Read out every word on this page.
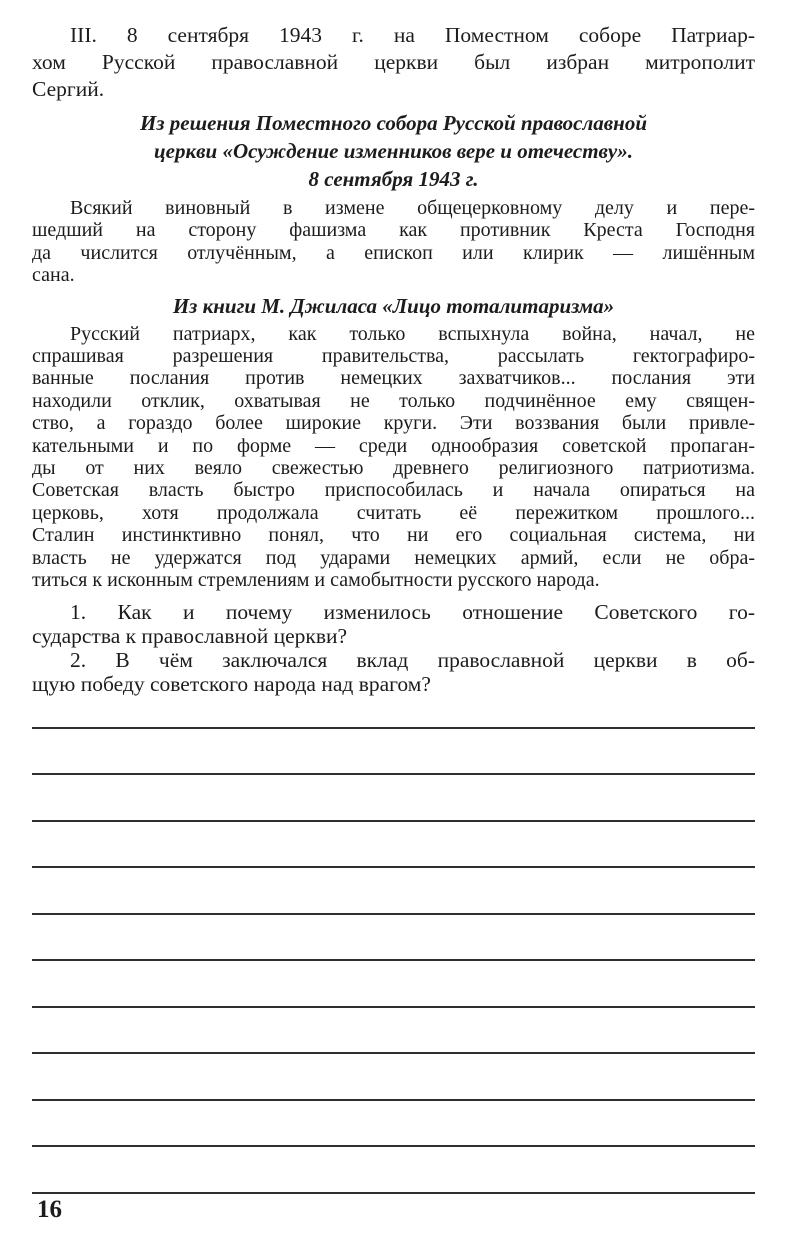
III. 8 сентября 1943 г. на Поместном соборе Патриар-
хом Русской православной церкви был избран митрополит
Сергий.
Из решения Поместного собора Русской православной
церкви «Осуждение изменников вере и отечеству».
8 сентября 1943 г.
Всякий виновный в измене общецерковному делу и пере-
шедший на сторону фашизма как противник Креста Господня
да числится отлучённым, а епископ или клирик — лишённым
сана.
Из книги М. Джиласа «Лицо тоталитаризма»
Русский патриарх, как только вспыхнула война, начал, не
спрашивая разрешения правительства, рассылать гектографиро-
ванные послания против немецких захватчиков... послания эти
находили отклик, охватывая не только подчинённое ему священ-
ство, а гораздо более широкие круги. Эти воззвания были привле-
кательными и по форме — среди однообразия советской пропаган-
ды от них веяло свежестью древнего религиозного патриотизма.
Советская власть быстро приспособилась и начала опираться на
церковь, хотя продолжала считать её пережитком прошлого...
Сталин инстинктивно понял, что ни его социальная система, ни
власть не удержатся под ударами немецких армий, если не обра-
титься к исконным стремлениям и самобытности русского народа.
1. Как и почему изменилось отношение Советского го-
сударства к православной церкви?
2. В чём заключался вклад православной церкви в об-
щую победу советского народа над врагом?
16
